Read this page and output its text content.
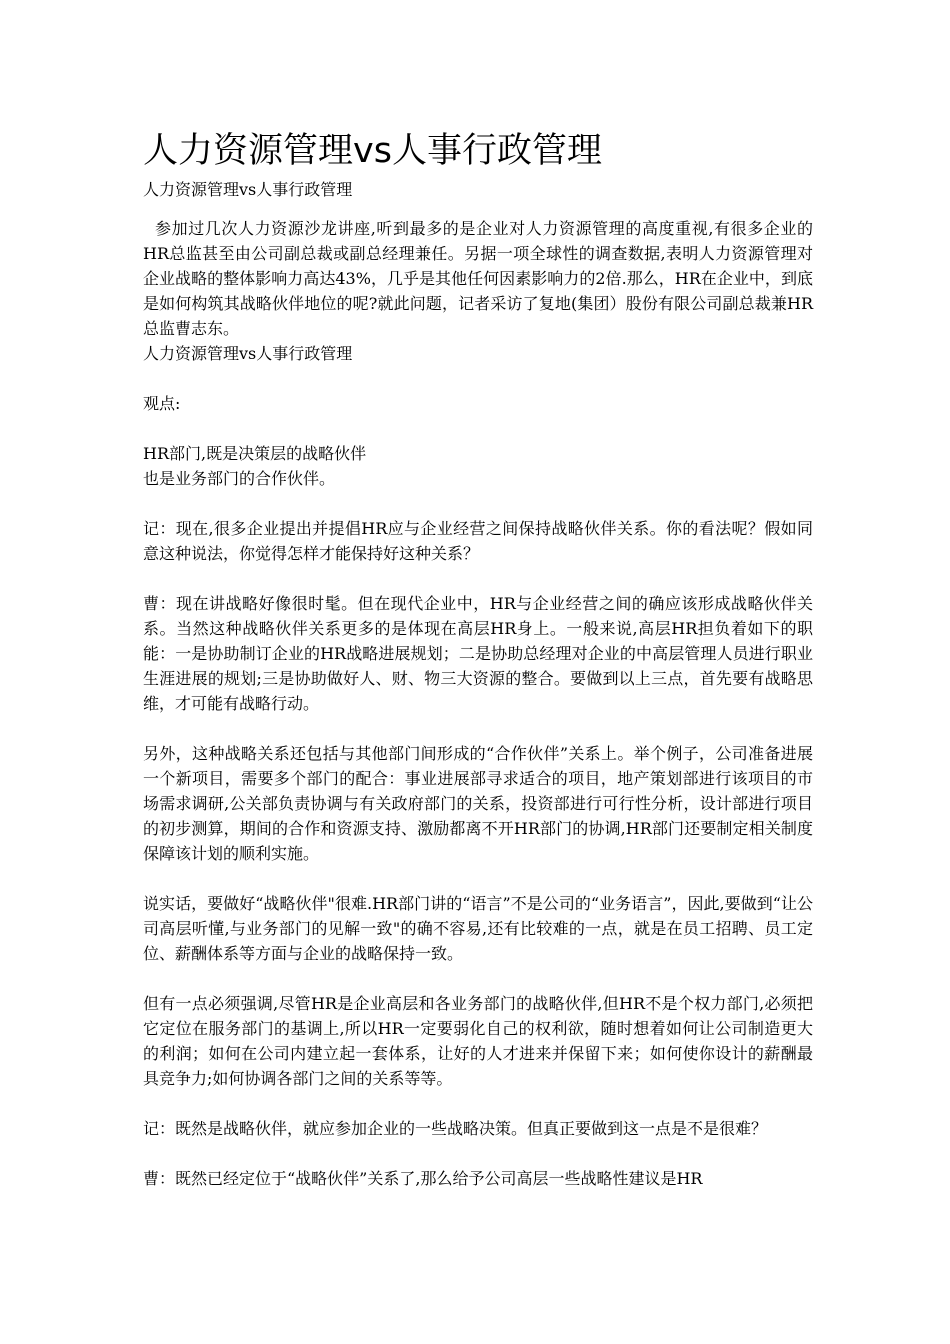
人力资源管理vs人事行政管理

人力资源管理vs人事行政管理

参加过几次人力资源沙龙讲座,听到最多的是企业对人力资源管理的高度重视,有很多企业的HR总监甚至由公司副总裁或副总经理兼任。另据一项全球性的调查数据,表明人力资源管理对企业战略的整体影响力高达43%，几乎是其他任何因素影响力的2倍.那么，HR在企业中，到底是如何构筑其战略伙伴地位的呢?就此问题，记者采访了复地(集团）股份有限公司副总裁兼HR总监曹志东。

人力资源管理vs人事行政管理

观点:

HR部门,既是决策层的战略伙伴

也是业务部门的合作伙伴。

记：现在,很多企业提出并提倡HR应与企业经营之间保持战略伙伴关系。你的看法呢？假如同意这种说法，你觉得怎样才能保持好这种关系？

曹：现在讲战略好像很时髦。但在现代企业中，HR与企业经营之间的确应该形成战略伙伴关系。当然这种战略伙伴关系更多的是体现在高层HR身上。一般来说,高层HR担负着如下的职能：一是协助制订企业的HR战略进展规划；二是协助总经理对企业的中高层管理人员进行职业生涯进展的规划;三是协助做好人、财、物三大资源的整合。要做到以上三点，首先要有战略思维，才可能有战略行动。

另外，这种战略关系还包括与其他部门间形成的“合作伙伴”关系上。举个例子，公司准备进展一个新项目，需要多个部门的配合：事业进展部寻求适合的项目，地产策划部进行该项目的市场需求调研,公关部负责协调与有关政府部门的关系，投资部进行可行性分析，设计部进行项目的初步测算，期间的合作和资源支持、激励都离不开HR部门的协调,HR部门还要制定相关制度保障该计划的顺利实施。

说实话，要做好“战略伙伴"很难.HR部门讲的“语言”不是公司的“业务语言”，因此,要做到“让公司高层听懂,与业务部门的见解一致"的确不容易,还有比较难的一点，就是在员工招聘、员工定位、薪酬体系等方面与企业的战略保持一致。

但有一点必须强调,尽管HR是企业高层和各业务部门的战略伙伴,但HR不是个权力部门,必须把它定位在服务部门的基调上,所以HR一定要弱化自己的权利欲，随时想着如何让公司制造更大的利润；如何在公司内建立起一套体系，让好的人才进来并保留下来；如何使你设计的薪酬最具竞争力;如何协调各部门之间的关系等等。

记：既然是战略伙伴，就应参加企业的一些战略决策。但真正要做到这一点是不是很难？

曹：既然已经定位于“战略伙伴”关系了,那么给予公司高层一些战略性建议是HR
